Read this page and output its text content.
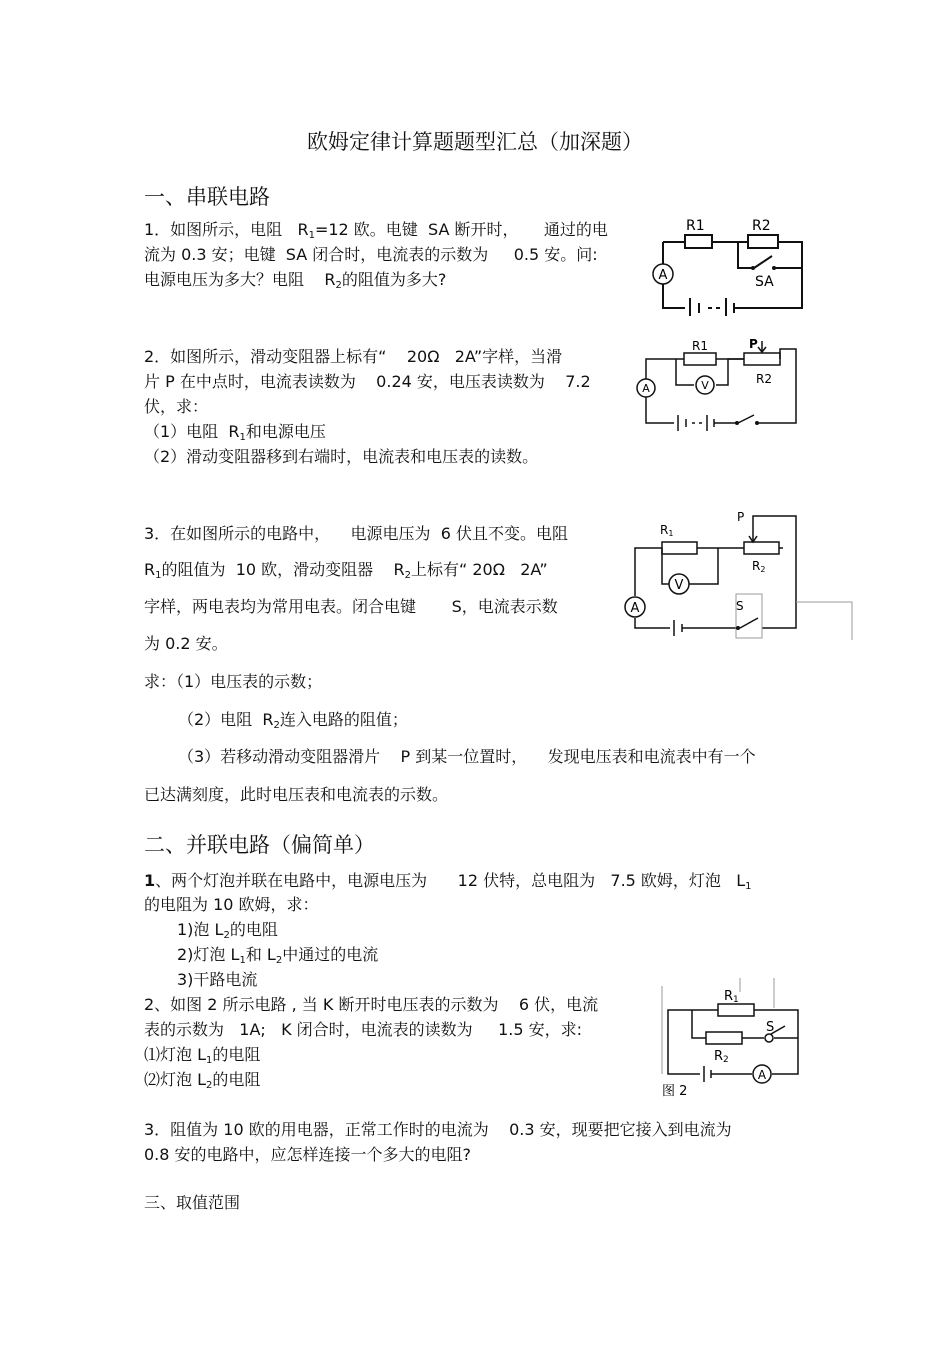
欧姆定律计算题题型汇总（加深题）
一、串联电路
1．如图所示，电阻 $R_1=12$ 欧。电键 SA 断开时， 通过的电
流为 0.3 安；电键 SA 闭合时，电流表的示数为 0.5 安。问:
电源电压为多大？电阻 $R_2$的阻值为多大?	A
R1	R2
SA
2．如图所示，滑动变阻器上标有“ 20Ω 2A”字样，当滑
片 P 在中点时，电流表读数为 0.24 安，电压表读数为 7.2
伏，求：
（1）电阻 $R_1$和电源电压
（2）滑动变阻器移到右端时，电流表和电压表的读数。
V
A
R1	P
R2
3．在如图所示的电路中， 电源电压为 6 伏且不变。电阻
$R_1$的阻值为 10 欧，滑动变阻器 $R_2$上标有“ 20Ω 2A”
字样，两电表均为常用电表。闭合电键 S，电流表示数
为 0.2 安。
求：（1）电压表的示数；
（2）电阻 $R_2$连入电路的阻值；
（3）若移动滑动变阻器滑片 P 到某一位置时， 发现电压表和电流表中有一个
已达满刻度，此时电压表和电流表的示数。
V
A
P
R1
R2
S
二、并联电路（偏简单）
1、两个灯泡并联在电路中，电源电压为 12 伏特，总电阻为 7.5 欧姆，灯泡 $L_1$
的电阻为 10 欧姆，求：
1)泡 $L_2$的电阻
2)灯泡 $L_1$和 $L_2$中通过的电流
3)干路电流
2、如图 2 所示电路 , 当 K 断开时电压表的示数为 6 伏，电流
表的示数为 1A; K 闭合时，电流表的读数为 1.5 安，求:
⑴灯泡 $L_1$的电阻
⑵灯泡 $L_2$的电阻	A
R1
S
R2
图 2
3．阻值为 10 欧的用电器，正常工作时的电流为 0.3 安，现要把它接入到电流为
0.8 安的电路中，应怎样连接一个多大的电阻?
三、取值范围
